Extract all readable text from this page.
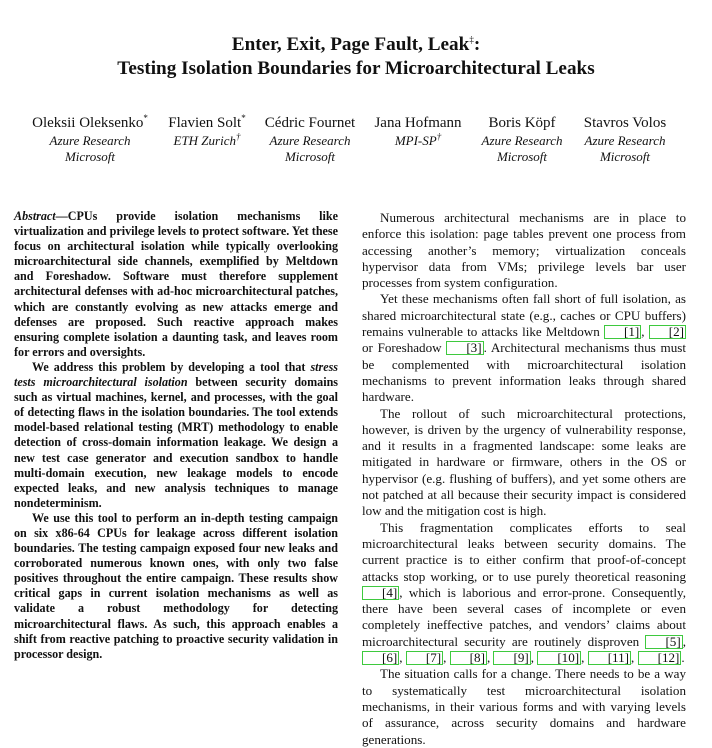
Enter, Exit, Page Fault, Leak‡:
Testing Isolation Boundaries for Microarchitectural Leaks
Oleksii Oleksenko*
Azure Research
Microsoft
Flavien Solt*
ETH Zurich†
Cédric Fournet
Azure Research
Microsoft
Jana Hofmann
MPI-SP†
Boris Köpf
Azure Research
Microsoft
Stavros Volos
Azure Research
Microsoft

Abstract—CPUs provide isolation mechanisms like virtualization and privilege levels to protect software. Yet these focus on architectural isolation while typically overlooking microarchitectural side channels, exemplified by Meltdown and Foreshadow. Software must therefore supplement architectural defenses with ad-hoc microarchitectural patches, which are constantly evolving as new attacks emerge and defenses are proposed. Such reactive approach makes ensuring complete isolation a daunting task, and leaves room for errors and oversights.

We address this problem by developing a tool that stress tests microarchitectural isolation between security domains such as virtual machines, kernel, and processes, with the goal of detecting flaws in the isolation boundaries. The tool extends model-based relational testing (MRT) methodology to enable detection of cross-domain information leakage. We design a new test case generator and execution sandbox to handle multi-domain execution, new leakage models to encode expected leaks, and new analysis techniques to manage nondeterminism.

We use this tool to perform an in-depth testing campaign on six x86-64 CPUs for leakage across different isolation boundaries. The testing campaign exposed four new leaks and corroborated numerous known ones, with only two false positives throughout the entire campaign. These results show critical gaps in current isolation mechanisms as well as validate a robust methodology for detecting microarchitectural flaws. As such, this approach enables a shift from reactive patching to proactive security validation in processor design.

Numerous architectural mechanisms are in place to enforce this isolation: page tables prevent one process from accessing another’s memory; virtualization conceals hypervisor data from VMs; privilege levels bar user processes from system configuration.

Yet these mechanisms often fall short of full isolation, as shared microarchitectural state (e.g., caches or CPU buffers) remains vulnerable to attacks like Meltdown [1] , [2] or Foreshadow [3] . Architectural mechanisms thus must be complemented with microarchitectural isolation mechanisms to prevent information leaks through shared hardware.

The rollout of such microarchitectural protections, however, is driven by the urgency of vulnerability response, and it results in a fragmented landscape: some leaks are mitigated in hardware or firmware, others in the OS or hypervisor (e.g. flushing of buffers), and yet some others are not patched at all because their security impact is considered low and the mitigation cost is high.

This fragmentation complicates efforts to seal microarchitectural leaks between security domains. The current practice is to either confirm that proof-of-concept attacks stop working, or to use purely theoretical reasoning [4] , which is laborious and error-prone. Consequently, there have been several cases of incomplete or even completely ineffective patches, and vendors’ claims about microarchitectural security are routinely disproven [5] , [6] , [7] , [8] , [9] , [10] , [11] , [12] .

The situation calls for a change. There needs to be a way to systematically test microarchitectural isolation mechanisms, in their various forms and with varying levels of assurance, across security domains and hardware generations.
